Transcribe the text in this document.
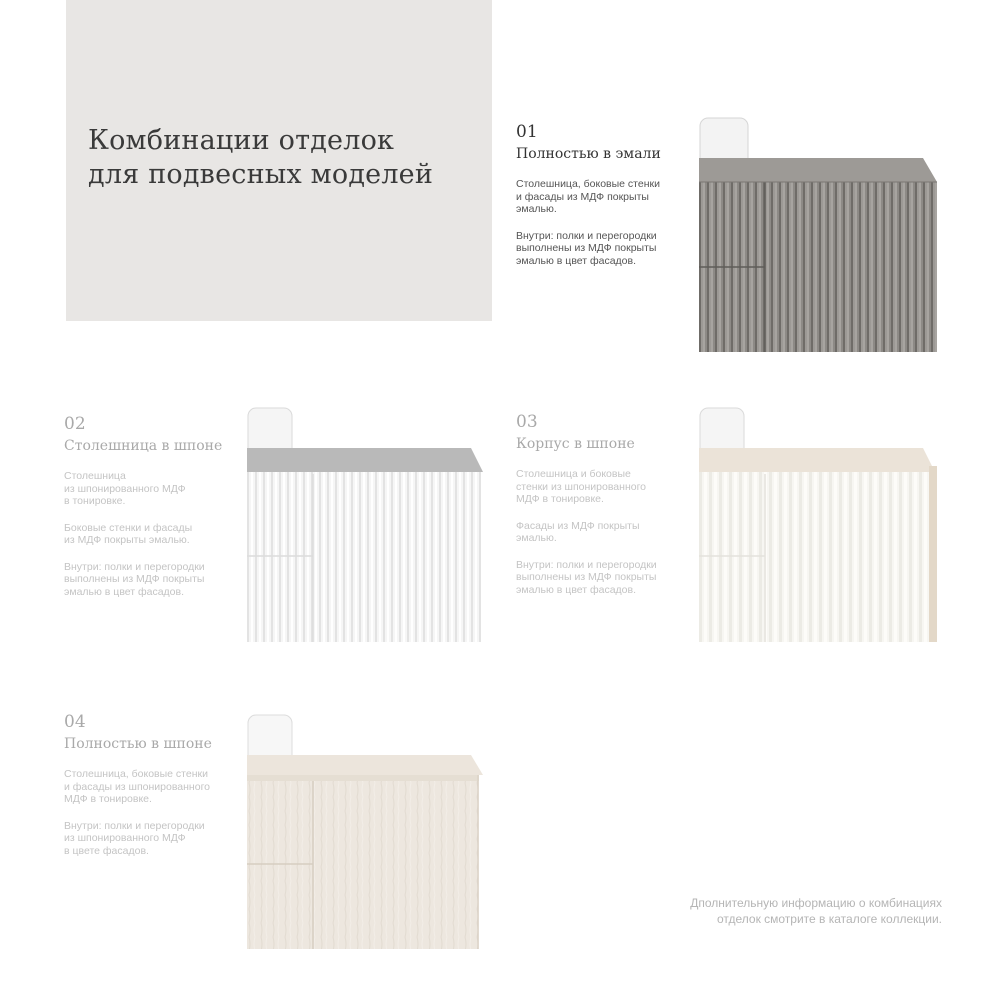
Комбинации отделок
для подвесных моделей
01
Полностью в эмали
Столешница, боковые стенки
и фасады из МДФ покрыты
эмалью.
Внутри: полки и перегородки
выполнены из МДФ покрыты
эмалью в цвет фасадов.
02
Столешница в шпоне
Столешница
из шпонированного МДФ
в тонировке.
Боковые стенки и фасады
из МДФ покрыты эмалью.
Внутри: полки и перегородки
выполнены из МДФ покрыты
эмалью в цвет фасадов.
03
Корпус в шпоне
Столешница и боковые
стенки из шпонированного
МДФ в тонировке.
Фасады из МДФ покрыты
эмалью.
Внутри: полки и перегородки
выполнены из МДФ покрыты
эмалью в цвет фасадов.
04
Полностью в шпоне
Столешница, боковые стенки
и фасады из шпонированного
МДФ в тонировке.
Внутри: полки и перегородки
из шпонированного МДФ
в цвете фасадов.
Дполнительную информацию о комбинациях
отделок смотрите в каталоге коллекции.
